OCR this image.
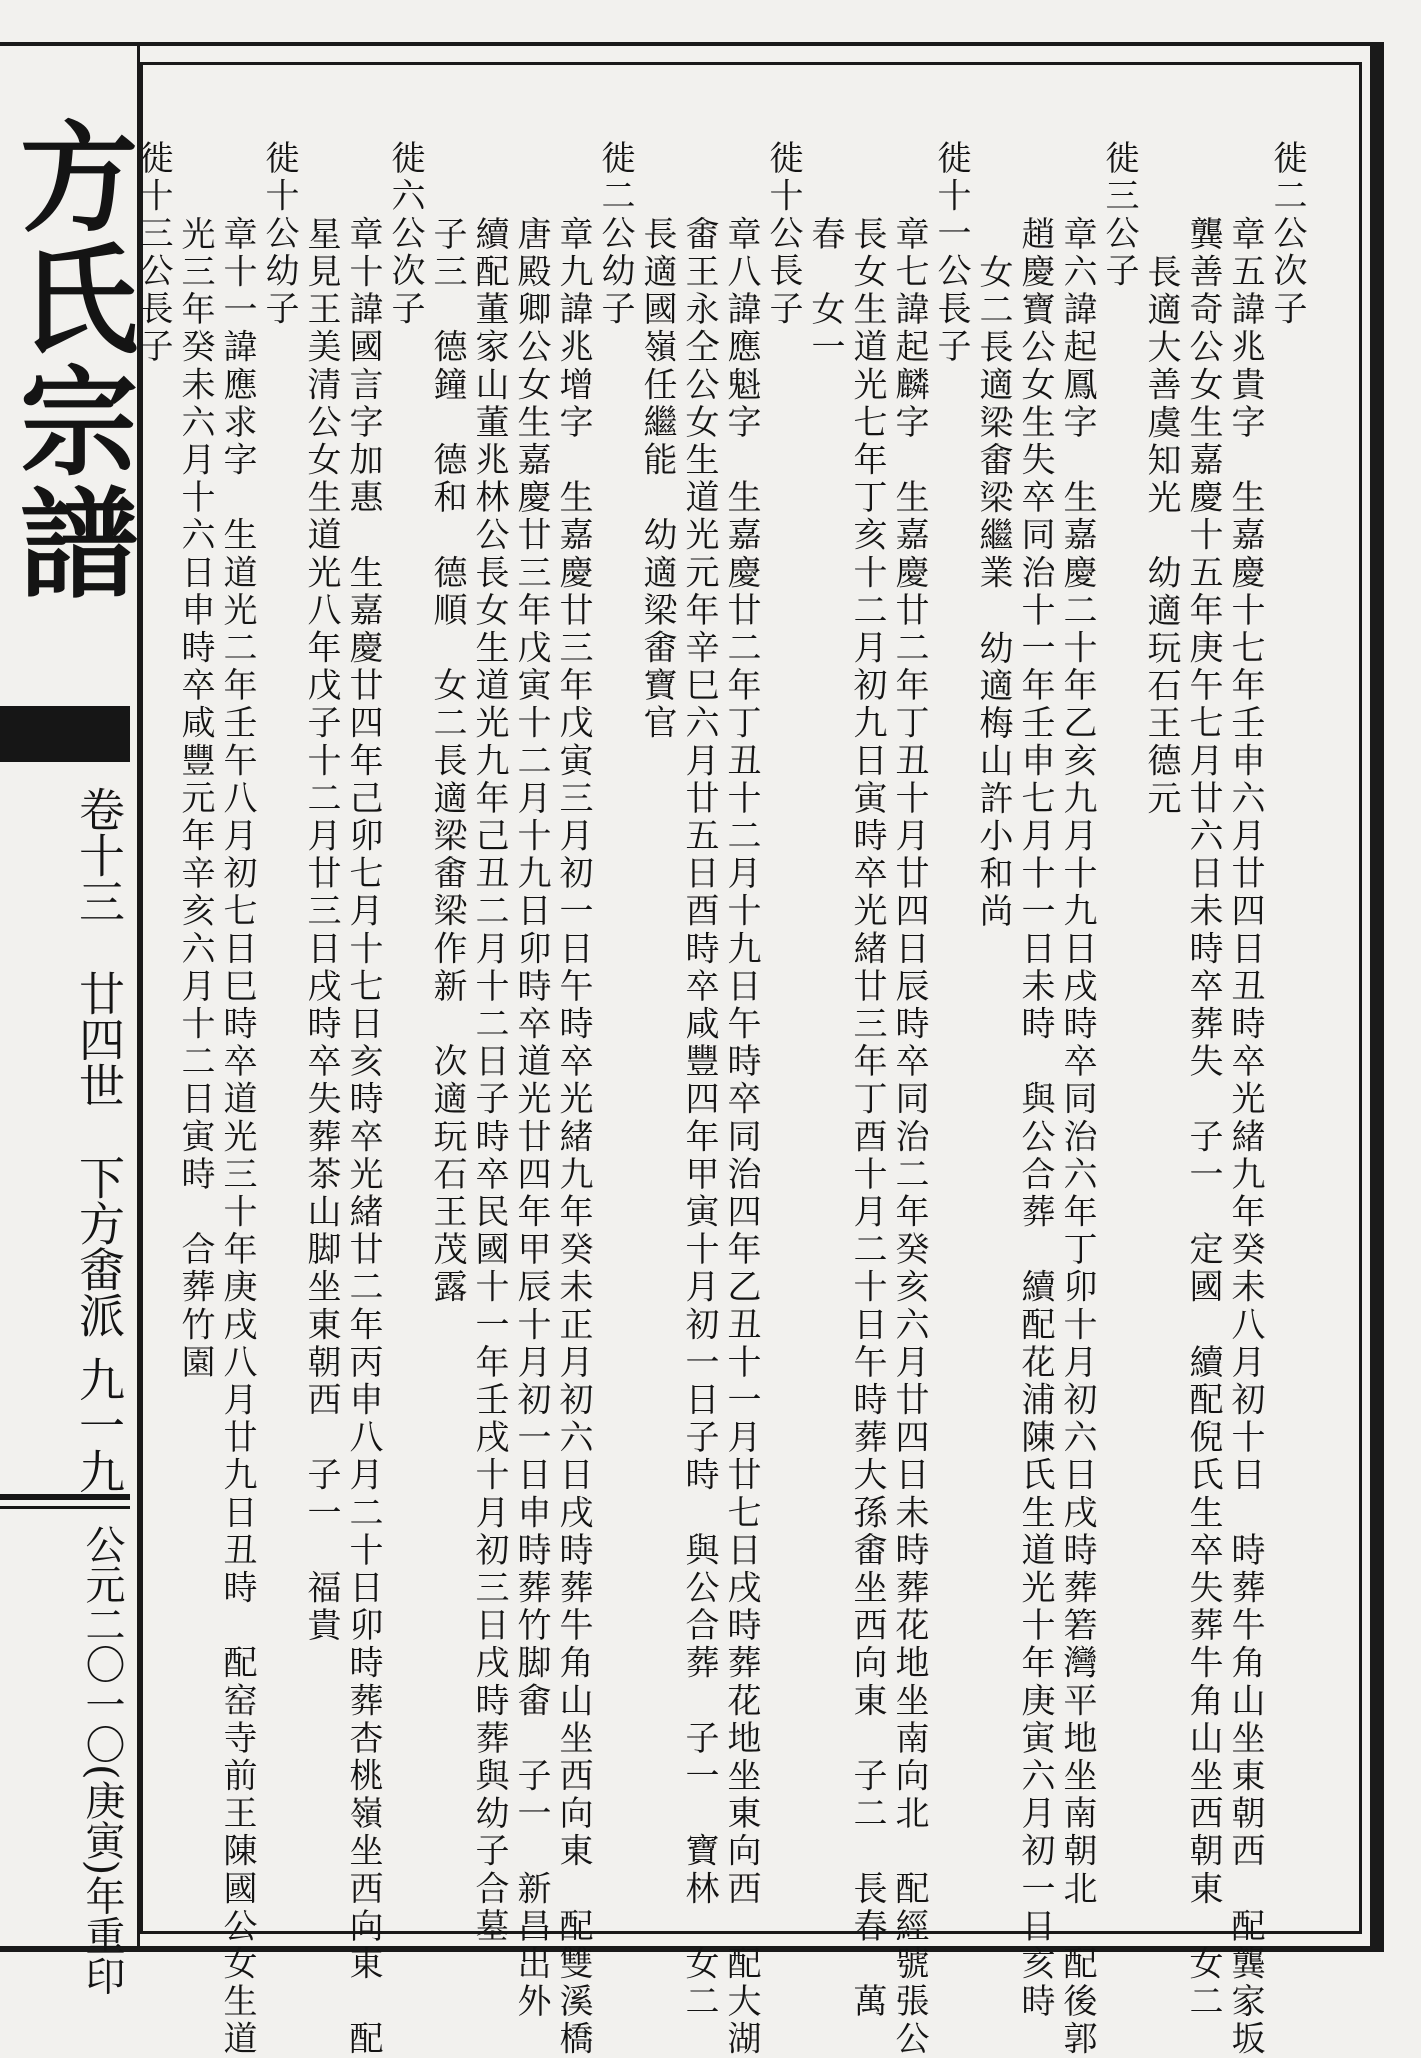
方氏宗譜
卷十三　廿四世　下方畬派
九一九
公元二〇一〇(庚寅)年重印
徙二公次子
章五諱兆貴字　生嘉慶十七年壬申六月廿四日丑時卒光緒九年癸未八月初十日　時葬牛角山坐東朝西　配龔家坂
龔善奇公女生嘉慶十五年庚午七月廿六日未時卒葬失　子一　定國　續配倪氏生卒失葬牛角山坐西朝東　女二
長適大善虞知光　幼適玩石王德元
徙三公子
章六諱起鳳字　生嘉慶二十年乙亥九月十九日戌時卒同治六年丁卯十月初六日戌時葬箬灣平地坐南朝北　配後郭
趙慶寶公女生失卒同治十一年壬申七月十一日未時　與公合葬　續配花浦陳氏生道光十年庚寅六月初一日亥時
女二長適梁畬梁繼業　幼適梅山許小和尚
徙十一公長子
章七諱起麟字　生嘉慶廿二年丁丑十月廿四日辰時卒同治二年癸亥六月廿四日未時葬花地坐南向北　配經號張公
長女生道光七年丁亥十二月初九日寅時卒光緒廿三年丁酉十月二十日午時葬大孫畬坐西向東　子二　長春　萬
春　女一
徙十公長子
章八諱應魁字　生嘉慶廿二年丁丑十二月十九日午時卒同治四年乙丑十一月廿七日戌時葬花地坐東向西　配大湖
畬王永仝公女生道光元年辛巳六月廿五日酉時卒咸豐四年甲寅十月初一日子時　與公合葬　子一　寶林　女二
長適國嶺任繼能　幼適梁畬寶官
徙二公幼子
章九諱兆增字　生嘉慶廿三年戊寅三月初一日午時卒光緒九年癸未正月初六日戌時葬牛角山坐西向東　配雙溪橋
唐殿卿公女生嘉慶廿三年戊寅十二月十九日卯時卒道光廿四年甲辰十月初一日申時葬竹脚畬　子一　新昌出外
續配董家山董兆林公長女生道光九年己丑二月十二日子時卒民國十一年壬戌十月初三日戌時葬與幼子合墓
子三　德鐘　德和　德順　女二長適梁畬梁作新　次適玩石王茂露
徙六公次子
章十諱國言字加惠　生嘉慶廿四年己卯七月十七日亥時卒光緒廿二年丙申八月二十日卯時葬杏桃嶺坐西向東　配
星見王美清公女生道光八年戊子十二月廿三日戌時卒失葬茶山脚坐東朝西　子一　福貴
徙十公幼子
章十一諱應求字　生道光二年壬午八月初七日巳時卒道光三十年庚戌八月廿九日丑時　配窑寺前王陳國公女生道
光三年癸未六月十六日申時卒咸豐元年辛亥六月十二日寅時　合葬竹園
徙十三公長子
